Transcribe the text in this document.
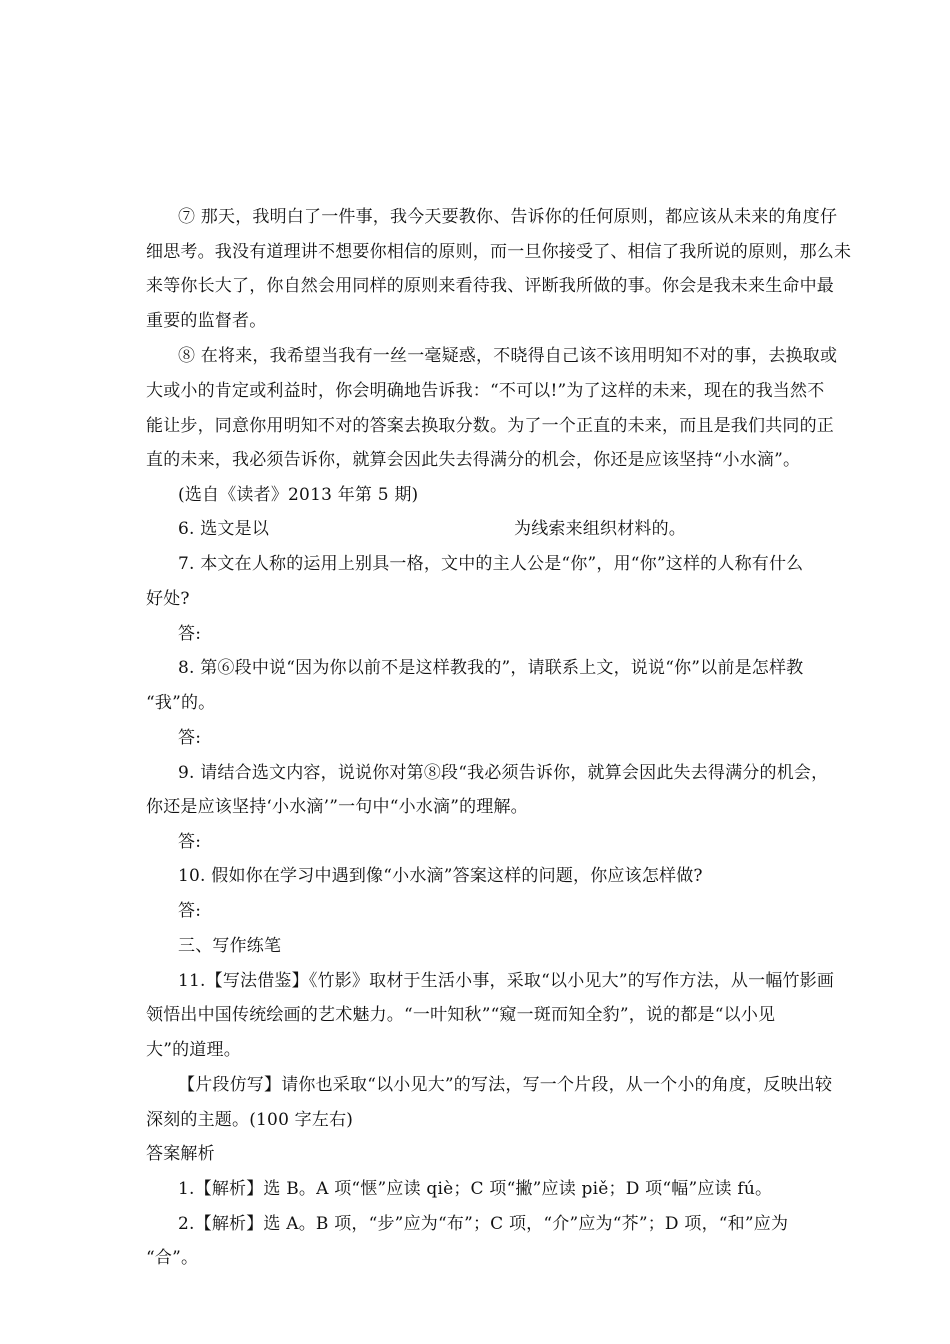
⑦ 那天，我明白了一件事，我今天要教你、告诉你的任何原则，都应该从未来的角度仔
细思考。我没有道理讲不想要你相信的原则，而一旦你接受了、相信了我所说的原则，那么未
来等你长大了，你自然会用同样的原则来看待我、评断我所做的事。你会是我未来生命中最
重要的监督者。
⑧ 在将来，我希望当我有一丝一毫疑惑，不晓得自己该不该用明知不对的事，去换取或
大或小的肯定或利益时，你会明确地告诉我：“不可以!”为了这样的未来，现在的我当然不
能让步，同意你用明知不对的答案去换取分数。为了一个正直的未来，而且是我们共同的正
直的未来，我必须告诉你，就算会因此失去得满分的机会，你还是应该坚持“小水滴”。
(选自《读者》2013 年第 5 期)
6. 选文是以	为线索来组织材料的。
7. 本文在人称的运用上别具一格，文中的主人公是“你”，用“你”这样的人称有什么
好处?
答:
8. 第⑥段中说“因为你以前不是这样教我的”，请联系上文，说说“你”以前是怎样教
“我”的。
答:
9. 请结合选文内容，说说你对第⑧段“我必须告诉你，就算会因此失去得满分的机会，
你还是应该坚持‘小水滴’”一句中“小水滴”的理解。
答:
10. 假如你在学习中遇到像“小水滴”答案这样的问题，你应该怎样做?
答:
三、写作练笔
11.【写法借鉴】《竹影》取材于生活小事，采取“以小见大”的写作方法，从一幅竹影画
领悟出中国传统绘画的艺术魅力。“一叶知秋”“窥一斑而知全豹”，说的都是“以小见
大”的道理。
【片段仿写】请你也采取“以小见大”的写法，写一个片段，从一个小的角度，反映出较
深刻的主题。(100 字左右)
答案解析
1.【解析】选 B。A 项“惬”应读 qiè；C 项“撇”应读 piě；D 项“幅”应读 fú。
2.【解析】选 A。B 项，“步”应为“布”；C 项，“介”应为“芥”；D 项，“和”应为
“合”。
